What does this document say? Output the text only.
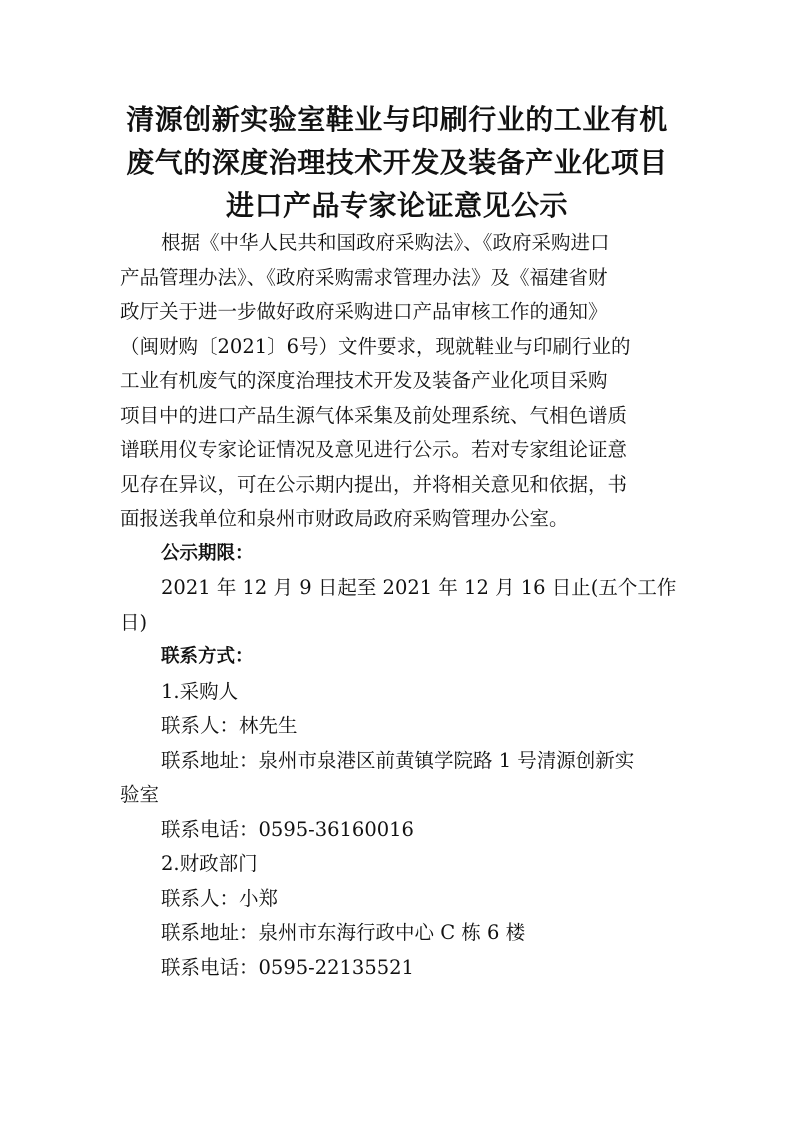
清源创新实验室鞋业与印刷行业的工业有机
废气的深度治理技术开发及装备产业化项目
进口产品专家论证意见公示
根据《中华人民共和国政府采购法》、《政府采购进口
产品管理办法》、《政府采购需求管理办法》及《福建省财
政厅关于进一步做好政府采购进口产品审核工作的通知》
（闽财购〔2021〕6号）文件要求，现就鞋业与印刷行业的
工业有机废气的深度治理技术开发及装备产业化项目采购
项目中的进口产品生源气体采集及前处理系统、气相色谱质
谱联用仪专家论证情况及意见进行公示。若对专家组论证意
见存在异议，可在公示期内提出，并将相关意见和依据，书
面报送我单位和泉州市财政局政府采购管理办公室。
公示期限：
2021 年 12 月 9 日起至 2021 年 12 月 16 日止(五个工作
日)
联系方式：
1.采购人
联系人：林先生
联系地址：泉州市泉港区前黄镇学院路 1 号清源创新实
验室
联系电话：0595-36160016
2.财政部门
联系人：小郑
联系地址：泉州市东海行政中心 C 栋 6 楼
联系电话：0595-22135521
